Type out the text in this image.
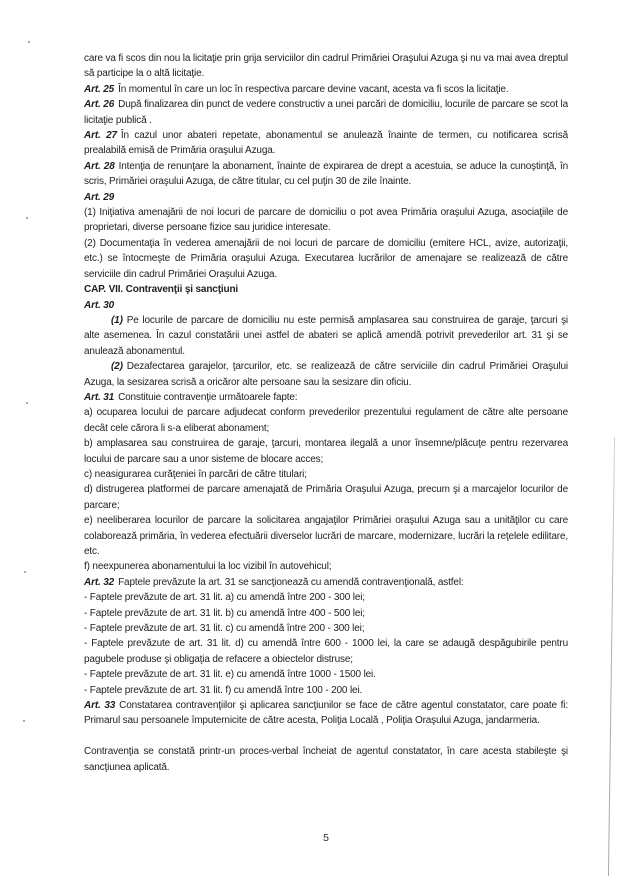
care va fi scos din nou la licitaţie prin grija serviciilor din cadrul Primăriei Oraşului Azuga şi nu va mai avea dreptul să participe la o altă licitaţie.

Art. 25 În momentul în care un loc în respectiva parcare devine vacant, acesta va fi scos la licitaţie.

Art. 26 După finalizarea din punct de vedere constructiv a unei parcări de domiciliu, locurile de parcare se scot la licitaţie publică .

Art. 27 În cazul unor abateri repetate, abonamentul se anulează înainte de termen, cu notificarea scrisă prealabilă emisă de Primăria oraşului Azuga.

Art. 28 Intenţia de renunţare la abonament, înainte de expirarea de drept a acestuia, se aduce la cunoştinţă, în scris, Primăriei oraşului Azuga, de către titular, cu cel puţin 30 de zile înainte.

Art. 29

(1) Iniţiativa amenajării de noi locuri de parcare de domiciliu o pot avea Primăria oraşului Azuga, asociaţiile de proprietari, diverse persoane fizice sau juridice interesate.

(2) Documentaţia în vederea amenajării de noi locuri de parcare de domiciliu (emitere HCL, avize, autorizaţii, etc.) se întocmeşte de Primăria oraşului Azuga. Executarea lucrărilor de amenajare se realizează de către serviciile din cadrul Primăriei Oraşului Azuga.

CAP. VII. Contravenţii şi sancţiuni

Art. 30

(1) Pe locurile de parcare de domiciliu nu este permisă amplasarea sau construirea de garaje, ţarcuri şi alte asemenea. În cazul constatării unei astfel de abateri se aplică amendă potrivit prevederilor art. 31 şi se anulează abonamentul.

(2) Dezafectarea garajelor, ţarcurilor, etc. se realizează de către serviciile din cadrul Primăriei Oraşului Azuga, la sesizarea scrisă a oricăror alte persoane sau la sesizare din oficiu.

Art. 31 Constituie contravenţie următoarele fapte:

a) ocuparea locului de parcare adjudecat conform prevederilor prezentului regulament de către alte persoane decât cele cărora li s-a eliberat abonament;

b) amplasarea sau construirea de garaje, ţarcuri, montarea ilegală a unor însemne/plăcuţe pentru rezervarea locului de parcare sau a unor sisteme de blocare acces;

c) neasigurarea curăţeniei în parcări de către titulari;

d) distrugerea platformei de parcare amenajată de Primăria Oraşului Azuga, precum şi a marcajelor locurilor de parcare;

e) neeliberarea locurilor de parcare la solicitarea angajaţilor Primăriei oraşului Azuga sau a unităţilor cu care colaborează primăria, în vederea efectuării diverselor lucrări de marcare, modernizare, lucrări la reţelele edilitare, etc.

f) neexpunerea abonamentului la loc vizibil în autovehicul;

Art. 32 Faptele prevăzute la art. 31 se sancţionează cu amendă contravenţională, astfel:

- Faptele prevăzute de art. 31 lit. a) cu amendă între 200 - 300 lei;

- Faptele prevăzute de art. 31 lit. b) cu amendă între 400 - 500 lei;

- Faptele prevăzute de art. 31 lit. c) cu amendă între 200 - 300 lei;

- Faptele prevăzute de art. 31 lit. d) cu amendă între 600 - 1000 lei, la care se adaugă despăgubirile pentru pagubele produse şi obligaţia de refacere a obiectelor distruse;

- Faptele prevăzute de art. 31 lit. e) cu amendă între 1000 - 1500 lei.

- Faptele prevăzute de art. 31 lit. f) cu amendă între 100 - 200 lei.

Art. 33 Constatarea contravenţiilor şi aplicarea sancţiunilor se face de către agentul constatator, care poate fi: Primarul sau persoanele împuternicite de către acesta, Poliţia Locală , Poliţia Oraşului Azuga, jandarmeria.

Contravenţia se constată printr-un proces-verbal încheiat de agentul constatator, în care acesta stabileşte şi sancţiunea aplicată.

5
